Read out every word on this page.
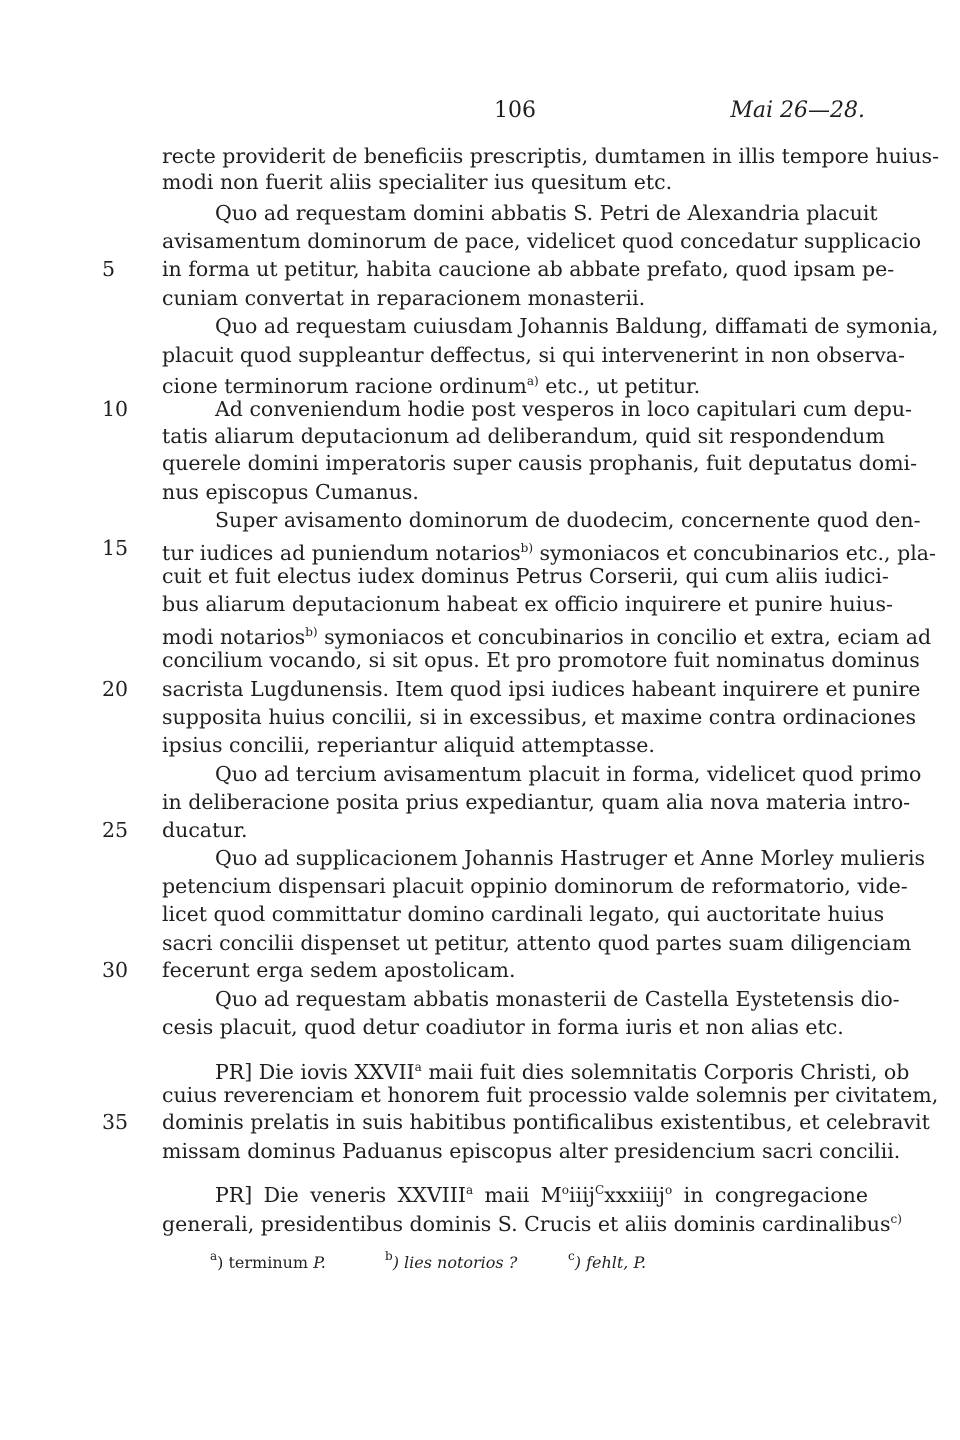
106	Mai 26—28.
recte providerit de beneficiis prescriptis, dumtamen in illis tempore huius-
modi non fuerit aliis specialiter ius quesitum etc.
Quo ad requestam domini abbatis S. Petri de Alexandria placuit
avisamentum dominorum de pace, videlicet quod concedatur supplicacio
in forma ut petitur, habita caucione ab abbate prefato, quod ipsam pe-
cuniam convertat in reparacionem monasterii.
Quo ad requestam cuiusdam Johannis Baldung, diffamati de symonia,
placuit quod suppleantur deffectus, si qui intervenerint in non observa-
cione terminorum racione ordinum$^{a)}$ etc., ut petitur.
Ad conveniendum hodie post vesperos in loco capitulari cum depu-
tatis aliarum deputacionum ad deliberandum, quid sit respondendum
querele domini imperatoris super causis prophanis, fuit deputatus domi-
nus episcopus Cumanus.
Super avisamento dominorum de duodecim, concernente quod den-
tur iudices ad puniendum notarios$^{b)}$ symoniacos et concubinarios etc., pla-
cuit et fuit electus iudex dominus Petrus Corserii, qui cum aliis iudici-
bus aliarum deputacionum habeat ex officio inquirere et punire huius-
modi notarios$^{b)}$ symoniacos et concubinarios in concilio et extra, eciam ad
concilium vocando, si sit opus. Et pro promotore fuit nominatus dominus
sacrista Lugdunensis. Item quod ipsi iudices habeant inquirere et punire
supposita huius concilii, si in excessibus, et maxime contra ordinaciones
ipsius concilii, reperiantur aliquid attemptasse.
Quo ad tercium avisamentum placuit in forma, videlicet quod primo
in deliberacione posita prius expediantur, quam alia nova materia intro-
ducatur.
Quo ad supplicacionem Johannis Hastruger et Anne Morley mulieris
petencium dispensari placuit oppinio dominorum de reformatorio, vide-
licet quod committatur domino cardinali legato, qui auctoritate huius
sacri concilii dispenset ut petitur, attento quod partes suam diligenciam
fecerunt erga sedem apostolicam.
Quo ad requestam abbatis monasterii de Castella Eystetensis dio-
cesis placuit, quod detur coadiutor in forma iuris et non alias etc.
PR] Die iovis XXVII$^a$ maii fuit dies solemnitatis Corporis Christi, ob
cuius reverenciam et honorem fuit processio valde solemnis per civitatem,
dominis prelatis in suis habitibus pontificalibus existentibus, et celebravit
missam dominus Paduanus episcopus alter presidencium sacri concilii.
PR] Die veneris XXVIII$^a$ maii $M^oiiij^Cxxxiiij^o$ in congregacione
generali, presidentibus dominis S. Crucis et aliis dominis cardinalibus$^{c)}$
5
10
15
20
25
30
35
$^a$) terminum P.	$^b$) lies notorios ?	$^c$) fehlt, P.
